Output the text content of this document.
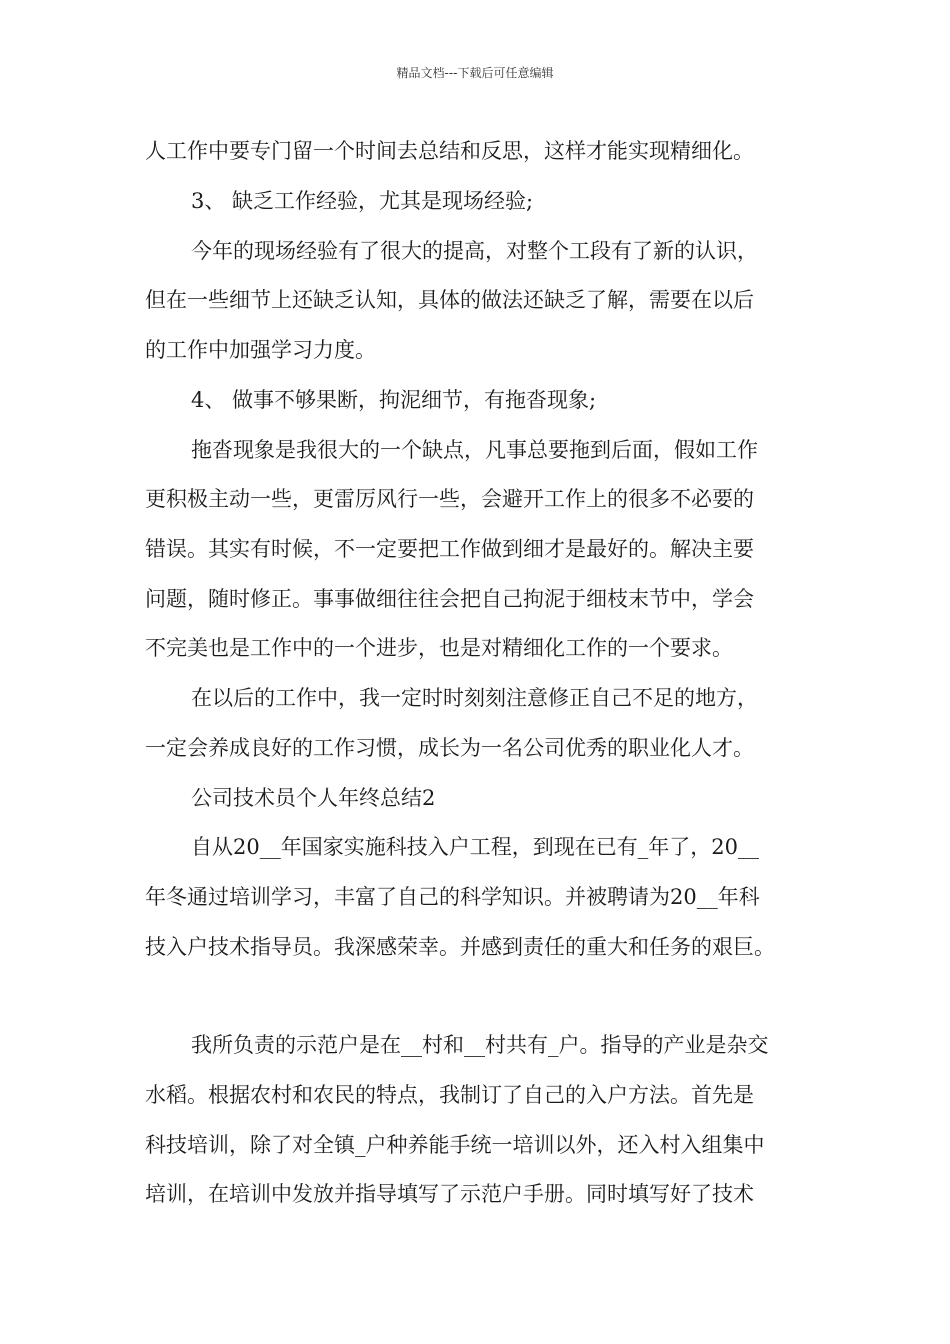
精品文档---下载后可任意编辑
人工作中要专门留一个时间去总结和反思，这样才能实现精细化。
3、 缺乏工作经验，尤其是现场经验;
今年的现场经验有了很大的提高，对整个工段有了新的认识，
但在一些细节上还缺乏认知，具体的做法还缺乏了解，需要在以后
的工作中加强学习力度。
4、 做事不够果断，拘泥细节，有拖沓现象;
拖沓现象是我很大的一个缺点，凡事总要拖到后面，假如工作
更积极主动一些，更雷厉风行一些，会避开工作上的很多不必要的
错误。其实有时候，不一定要把工作做到细才是最好的。解决主要
问题，随时修正。事事做细往往会把自己拘泥于细枝末节中，学会
不完美也是工作中的一个进步，也是对精细化工作的一个要求。
在以后的工作中，我一定时时刻刻注意修正自己不足的地方，
一定会养成良好的工作习惯，成长为一名公司优秀的职业化人才。
公司技术员个人年终总结2
自从20__年国家实施科技入户工程，到现在已有_年了，20__
年冬通过培训学习，丰富了自己的科学知识。并被聘请为20__年科
技入户技术指导员。我深感荣幸。并感到责任的重大和任务的艰巨。
我所负责的示范户是在__村和__村共有_户。指导的产业是杂交
水稻。根据农村和农民的特点，我制订了自己的入户方法。首先是
科技培训，除了对全镇_户种养能手统一培训以外，还入村入组集中
培训，在培训中发放并指导填写了示范户手册。同时填写好了技术
